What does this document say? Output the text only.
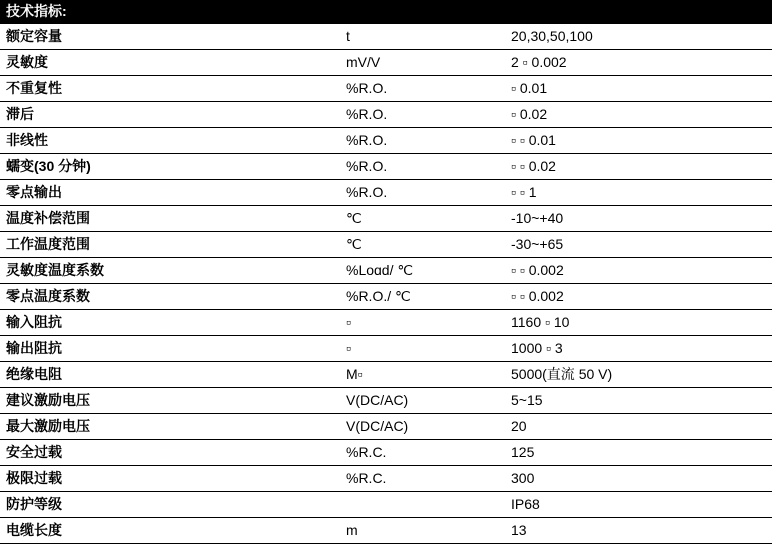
技术指标:		
额定容量	t	20,30,50,100
灵敏度	mV/V	2 ▫ 0.002
不重复性	%R.O.	▫ 0.01
滞后	%R.O.	▫ 0.02
非线性	%R.O.	▫ ▫ 0.01
蠕变(30 分钟)	%R.O.	▫ ▫ 0.02
零点输出	%R.O.	▫ ▫ 1
温度补偿范围	℃	-10~+40
工作温度范围	℃	-30~+65
灵敏度温度系数	%Loɑd/ ℃	▫ ▫ 0.002
零点温度系数	%R.O./ ℃	▫ ▫ 0.002
输入阻抗	▫	1160 ▫ 10
输出阻抗	▫	1000 ▫ 3
绝缘电阻	M▫	5000(直流 50 V)
建议激励电压	V(DC/AC)	5~15
最大激励电压	V(DC/AC)	20
安全过载	%R.C.	125
极限过载	%R.C.	300
防护等级		IP68
电缆长度	m	13
